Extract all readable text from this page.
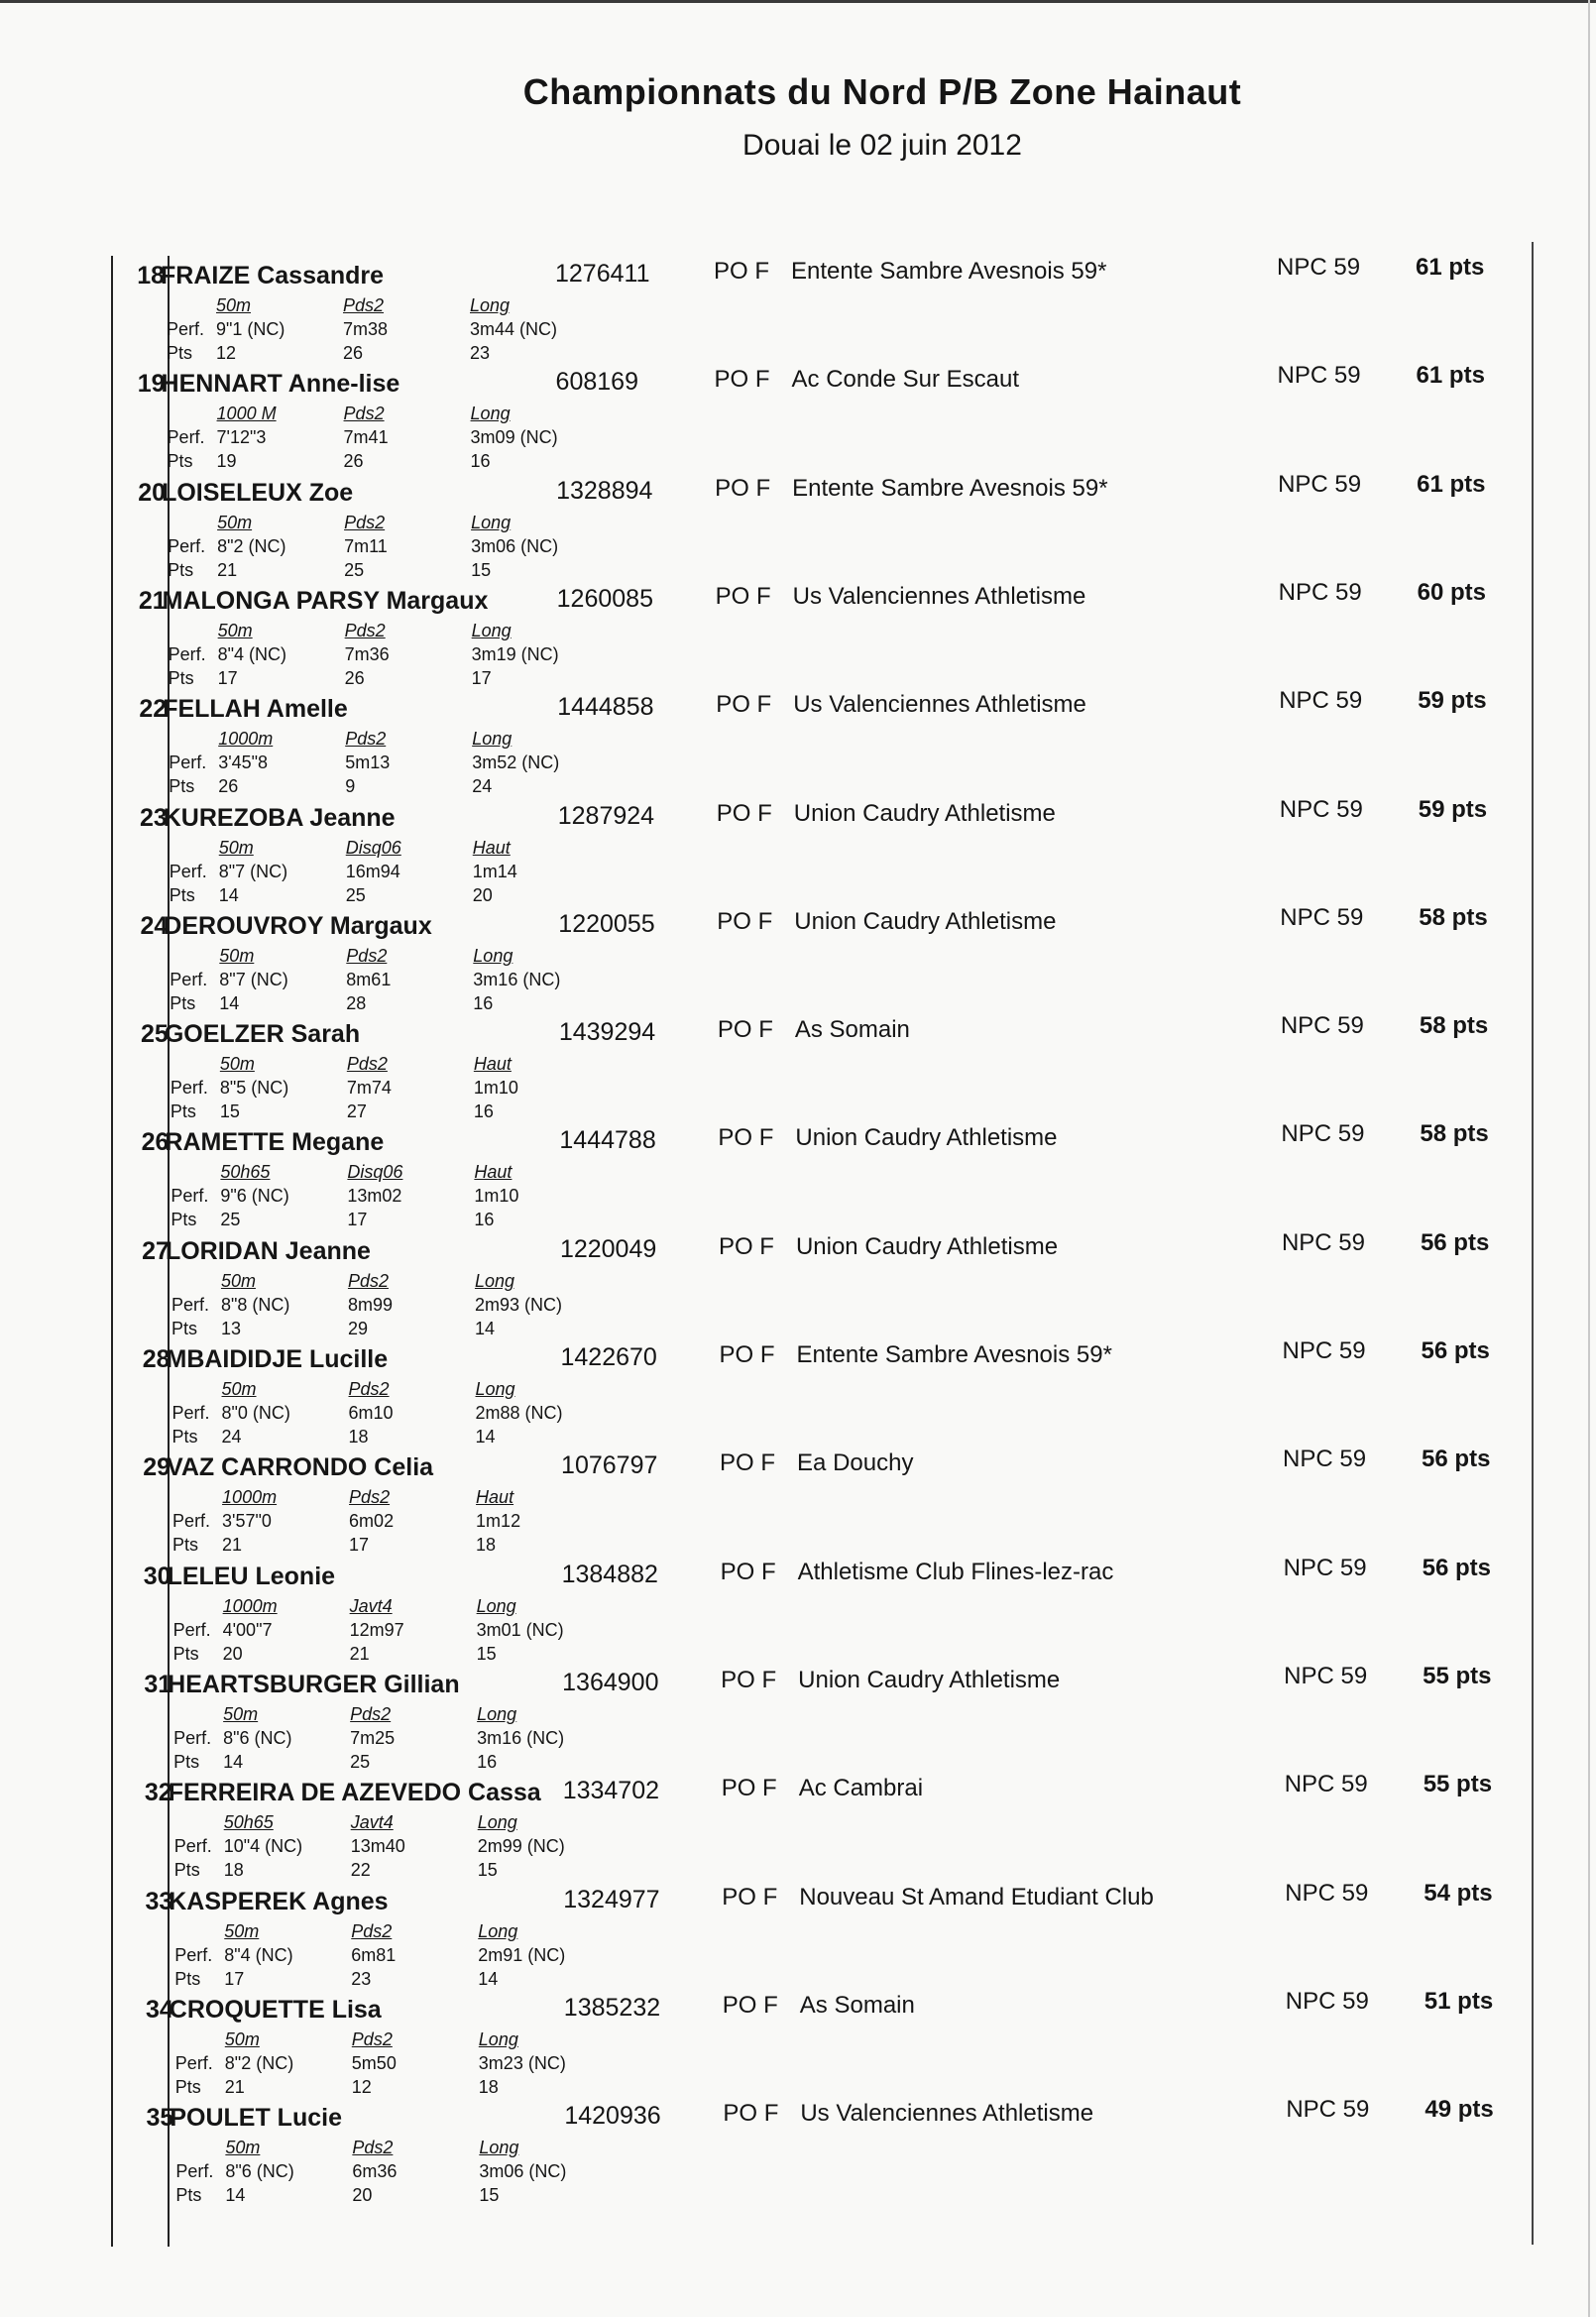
Championnats du Nord P/B Zone Hainaut
Douai le 02 juin 2012
18
FRAIZE Cassandre	1276411	PO F Entente Sambre Avesnois 59*	NPC 59 61 pts
50m	Pds2	Long
Perf. 9"1 (NC)	7m38	3m44 (NC)
Pts 12	26	23
19
HENNART Anne-lise	608169	PO F Ac Conde Sur Escaut	NPC 59 61 pts
1000 M	Pds2	Long
Perf. 7'12"3	7m41	3m09 (NC)
Pts 19	26	16
20
LOISELEUX Zoe	1328894	PO F Entente Sambre Avesnois 59*	NPC 59 61 pts
50m	Pds2	Long
Perf. 8"2 (NC)	7m11	3m06 (NC)
Pts 21	25	15
21
MALONGA PARSY Margaux	1260085	PO F Us Valenciennes Athletisme	NPC 59 60 pts
50m	Pds2	Long
Perf. 8"4 (NC)	7m36	3m19 (NC)
Pts 17	26	17
22
FELLAH Amelle	1444858	PO F Us Valenciennes Athletisme	NPC 59 59 pts
1000m	Pds2	Long
Perf. 3'45"8	5m13	3m52 (NC)
Pts 26	9	24
23
KUREZOBA Jeanne	1287924	PO F Union Caudry Athletisme	NPC 59 59 pts
50m	Disq06	Haut
Perf. 8"7 (NC)	16m94	1m14
Pts 14	25	20
24
DEROUVROY Margaux	1220055	PO F Union Caudry Athletisme	NPC 59 58 pts
50m	Pds2	Long
Perf. 8"7 (NC)	8m61	3m16 (NC)
Pts 14	28	16
25
GOELZER Sarah	1439294	PO F As Somain	NPC 59 58 pts
50m	Pds2	Haut
Perf. 8"5 (NC)	7m74	1m10
Pts 15	27	16
26
RAMETTE Megane	1444788	PO F Union Caudry Athletisme	NPC 59 58 pts
50h65	Disq06	Haut
Perf. 9"6 (NC)	13m02	1m10
Pts 25	17	16
27
LORIDAN Jeanne	1220049	PO F Union Caudry Athletisme	NPC 59 56 pts
50m	Pds2	Long
Perf. 8"8 (NC)	8m99	2m93 (NC)
Pts 13	29	14
28
MBAIDIDJE Lucille	1422670	PO F Entente Sambre Avesnois 59*	NPC 59 56 pts
50m	Pds2	Long
Perf. 8"0 (NC)	6m10	2m88 (NC)
Pts 24	18	14
29
VAZ CARRONDO Celia	1076797	PO F Ea Douchy	NPC 59 56 pts
1000m	Pds2	Haut
Perf. 3'57"0	6m02	1m12
Pts 21	17	18
30
LELEU Leonie	1384882	PO F Athletisme Club Flines-lez-rac	NPC 59 56 pts
1000m	Javt4	Long
Perf. 4'00"7	12m97	3m01 (NC)
Pts 20	21	15
31
HEARTSBURGER Gillian	1364900	PO F Union Caudry Athletisme	NPC 59 55 pts
50m	Pds2	Long
Perf. 8"6 (NC)	7m25	3m16 (NC)
Pts 14	25	16
32
FERREIRA DE AZEVEDO Cassa 1334702	PO F Ac Cambrai	NPC 59 55 pts
50h65	Javt4	Long
Perf. 10"4 (NC)	13m40	2m99 (NC)
Pts 18	22	15
33
KASPEREK Agnes	1324977	PO F Nouveau St Amand Etudiant Club	NPC 59 54 pts
50m	Pds2	Long
Perf. 8"4 (NC)	6m81	2m91 (NC)
Pts 17	23	14
34
CROQUETTE Lisa	1385232	PO F As Somain	NPC 59 51 pts
50m	Pds2	Long
Perf. 8"2 (NC)	5m50	3m23 (NC)
Pts 21	12	18
35
POULET Lucie	1420936	PO F Us Valenciennes Athletisme	NPC 59 49 pts
50m	Pds2	Long
Perf. 8"6 (NC)	6m36	3m06 (NC)
Pts 14	20	15
